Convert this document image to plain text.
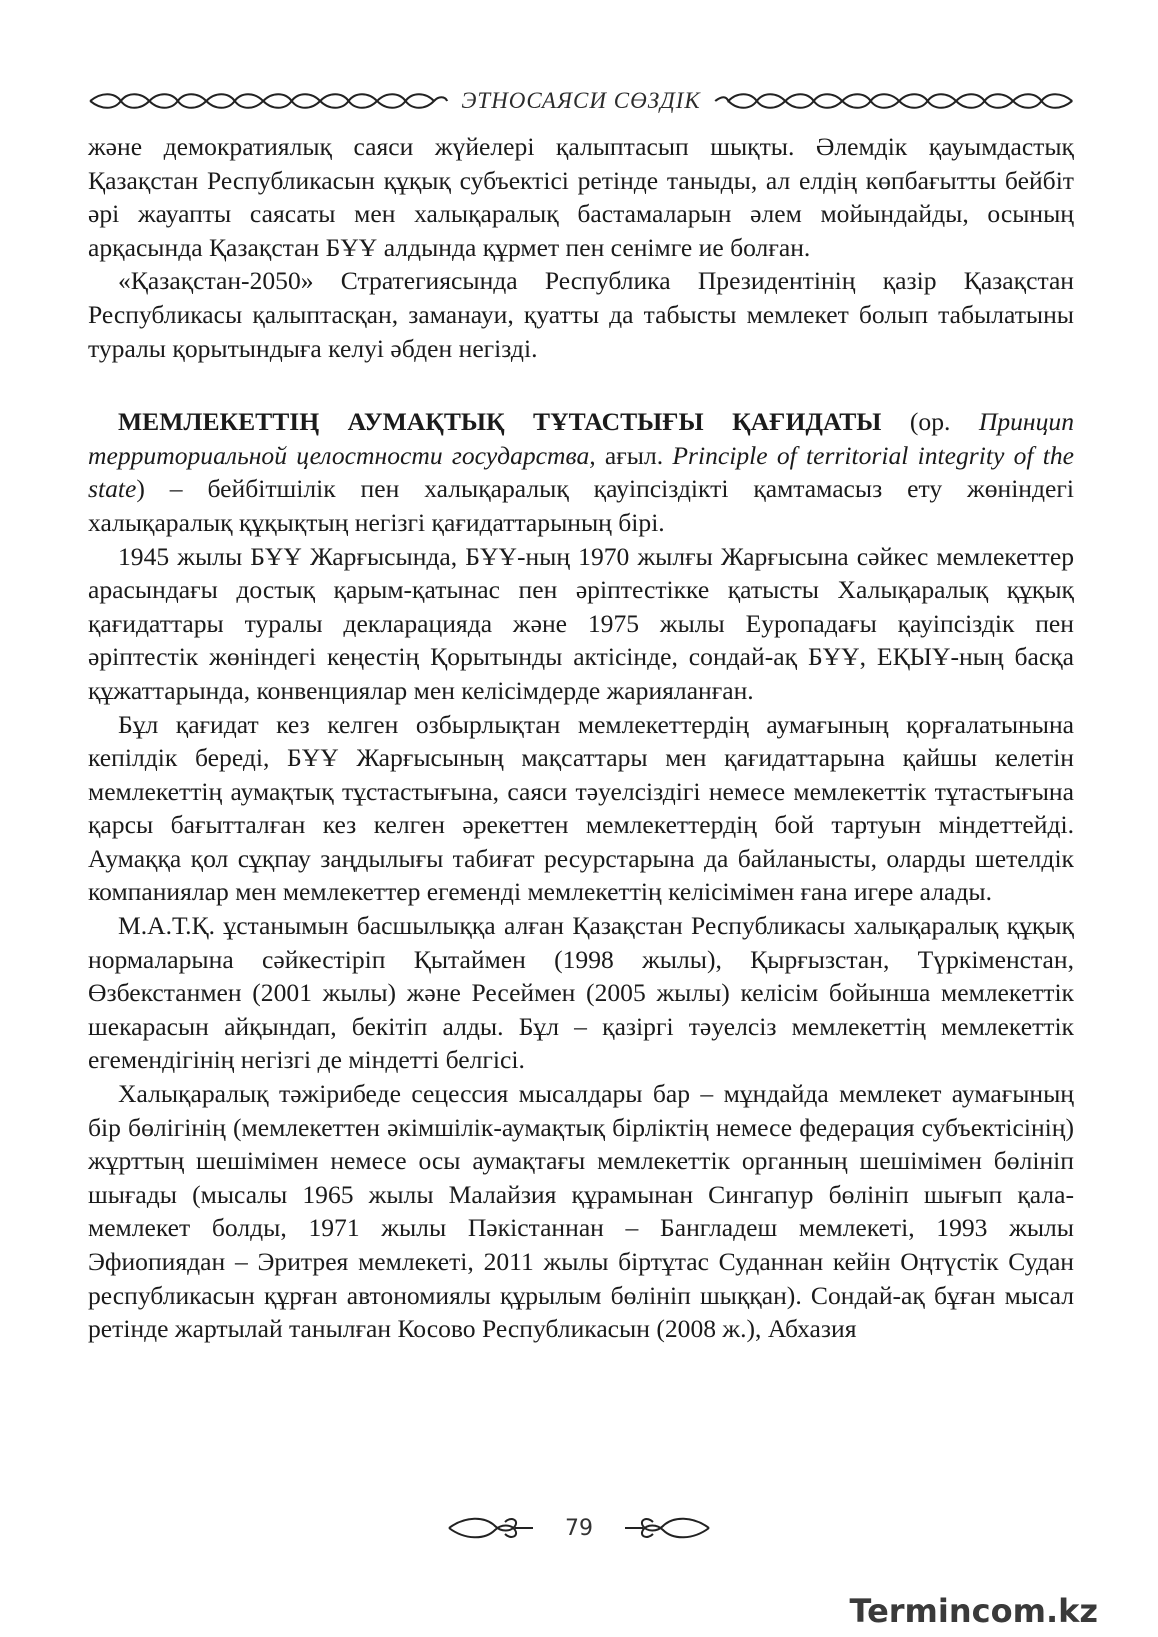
ЭТНОСАЯСИ СӨЗДІК

және демократиялық саяси жүйелері қалыптасып шықты. Әлемдік қауымдастық Қазақстан Республикасын құқық субъектісі ретінде таныды, ал елдің көпбағытты бейбіт әрі жауапты саясаты мен халықаралық бастамаларын әлем мойындайды, осының арқасында Қазақстан БҰҰ алдында құрмет пен сенімге ие болған.

«Қазақстан-2050» Стратегиясында Республика Президентінің қазір Қазақстан Республикасы қалыптасқан, заманауи, қуатты да табысты мемлекет болып табылатыны туралы қорытындыға келуі әбден негізді.

МЕМЛЕКЕТТІҢ АУМАҚТЫҚ ТҰТАСТЫҒЫ ҚАҒИДАТЫ (ор. Принцип территориальной целостности государства, ағыл. Principle of territorial integrity of the state) – бейбітшілік пен халықаралық қауіпсіздікті қамтамасыз ету жөніндегі халықаралық құқықтың негізгі қағидаттарының бірі.

1945 жылы БҰҰ Жарғысында, БҰҰ-ның 1970 жылғы Жарғысына сәйкес мемлекеттер арасындағы достық қарым-қатынас пен әріптестікке қатысты Халықаралық құқық қағидаттары туралы декларацияда және 1975 жылы Еуропадағы қауіпсіздік пен әріптестік жөніндегі кеңестің Қорытынды актісінде, сондай-ақ БҰҰ, ЕҚЫҰ-ның басқа құжаттарында, конвенциялар мен келісімдерде жарияланған.

Бұл қағидат кез келген озбырлықтан мемлекеттердің аумағының қорғалатынына кепілдік береді, БҰҰ Жарғысының мақсаттары мен қағидаттарына қайшы келетін мемлекеттің аумақтық тұстастығына, саяси тәуелсіздігі немесе мемлекеттік тұтастығына қарсы бағытталған кез келген әрекеттен мемлекеттердің бой тартуын міндеттейді. Аумаққа қол сұқпау заңдылығы табиғат ресурстарына да байланысты, оларды шетелдік компаниялар мен мемлекеттер егеменді мемлекеттің келісімімен ғана игере алады.

М.А.Т.Қ. ұстанымын басшылыққа алған Қазақстан Республикасы халықаралық құқық нормаларына сәйкестіріп Қытаймен (1998 жылы), Қырғызстан, Түркіменстан, Өзбекстанмен (2001 жылы) және Ресеймен (2005 жылы) келісім бойынша мемлекеттік шекарасын айқындап, бекітіп алды. Бұл – қазіргі тәуелсіз мемлекеттің мемлекеттік егемендігінің негізгі де міндетті белгісі.

Халықаралық тәжірибеде сецессия мысалдары бар – мұндайда мемлекет аумағының бір бөлігінің (мемлекеттен әкімшілік-аумақтық бірліктің немесе федерация субъектісінің) жұрттың шешімімен немесе осы аумақтағы мемлекеттік органның шешімімен бөлініп шығады (мысалы 1965 жылы Малайзия құрамынан Сингапур бөлініп шығып қала-мемлекет болды, 1971 жылы Пәкістаннан – Бангладеш мемлекеті, 1993 жылы Эфиопиядан – Эритрея мемлекеті, 2011 жылы біртұтас Суданнан кейін Оңтүстік Судан республикасын құрған автономиялы құрылым бөлініп шыққан). Сондай-ақ бұған мысал ретінде жартылай танылған Косово Республикасын (2008 ж.), Абхазия

79
Termincom.kz
